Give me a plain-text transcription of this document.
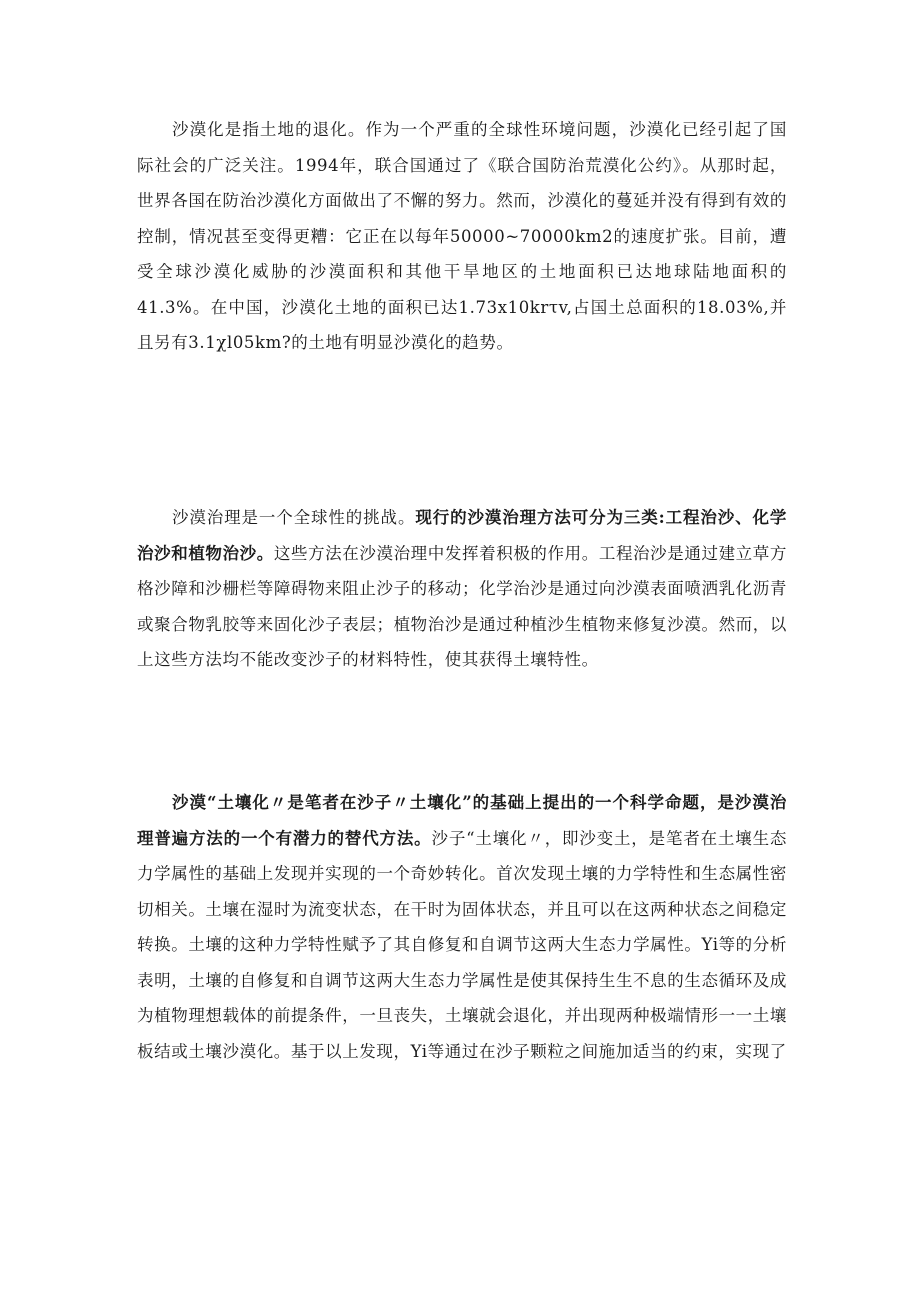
沙漠化是指土地的退化。作为一个严重的全球性环境问题，沙漠化已经引起了国际社会的广泛关注。1994年，联合国通过了《联合国防治荒漠化公约》。从那时起，世界各国在防治沙漠化方面做出了不懈的努力。然而，沙漠化的蔓延并没有得到有效的控制，情况甚至变得更糟：它正在以每年50000~70000km2的速度扩张。目前，遭受全球沙漠化威胁的沙漠面积和其他干旱地区的土地面积已达地球陆地面积的41.3%。在中国，沙漠化土地的面积已达1.73x10krτv,占国土总面积的18.03%,并且另有3.1χl05km?的土地有明显沙漠化的趋势。

沙漠治理是一个全球性的挑战。现行的沙漠治理方法可分为三类:工程治沙、化学治沙和植物治沙。这些方法在沙漠治理中发挥着积极的作用。工程治沙是通过建立草方格沙障和沙栅栏等障碍物来阻止沙子的移动；化学治沙是通过向沙漠表面喷洒乳化沥青或聚合物乳胶等来固化沙子表层；植物治沙是通过种植沙生植物来修复沙漠。然而，以上这些方法均不能改变沙子的材料特性，使其获得土壤特性。

沙漠“土壤化〃是笔者在沙子〃土壤化”的基础上提出的一个科学命题，是沙漠治理普遍方法的一个有潜力的替代方法。沙子“土壤化〃，即沙变土，是笔者在土壤生态力学属性的基础上发现并实现的一个奇妙转化。首次发现土壤的力学特性和生态属性密切相关。土壤在湿时为流变状态，在干时为固体状态，并且可以在这两种状态之间稳定转换。土壤的这种力学特性赋予了其自修复和自调节这两大生态力学属性。Yi等的分析表明，土壤的自修复和自调节这两大生态力学属性是使其保持生生不息的生态循环及成为植物理想载体的前提条件，一旦丧失，土壤就会退化，并出现两种极端情形一一土壤板结或土壤沙漠化。基于以上发现，Yi等通过在沙子颗粒之间施加适当的约束，实现了
